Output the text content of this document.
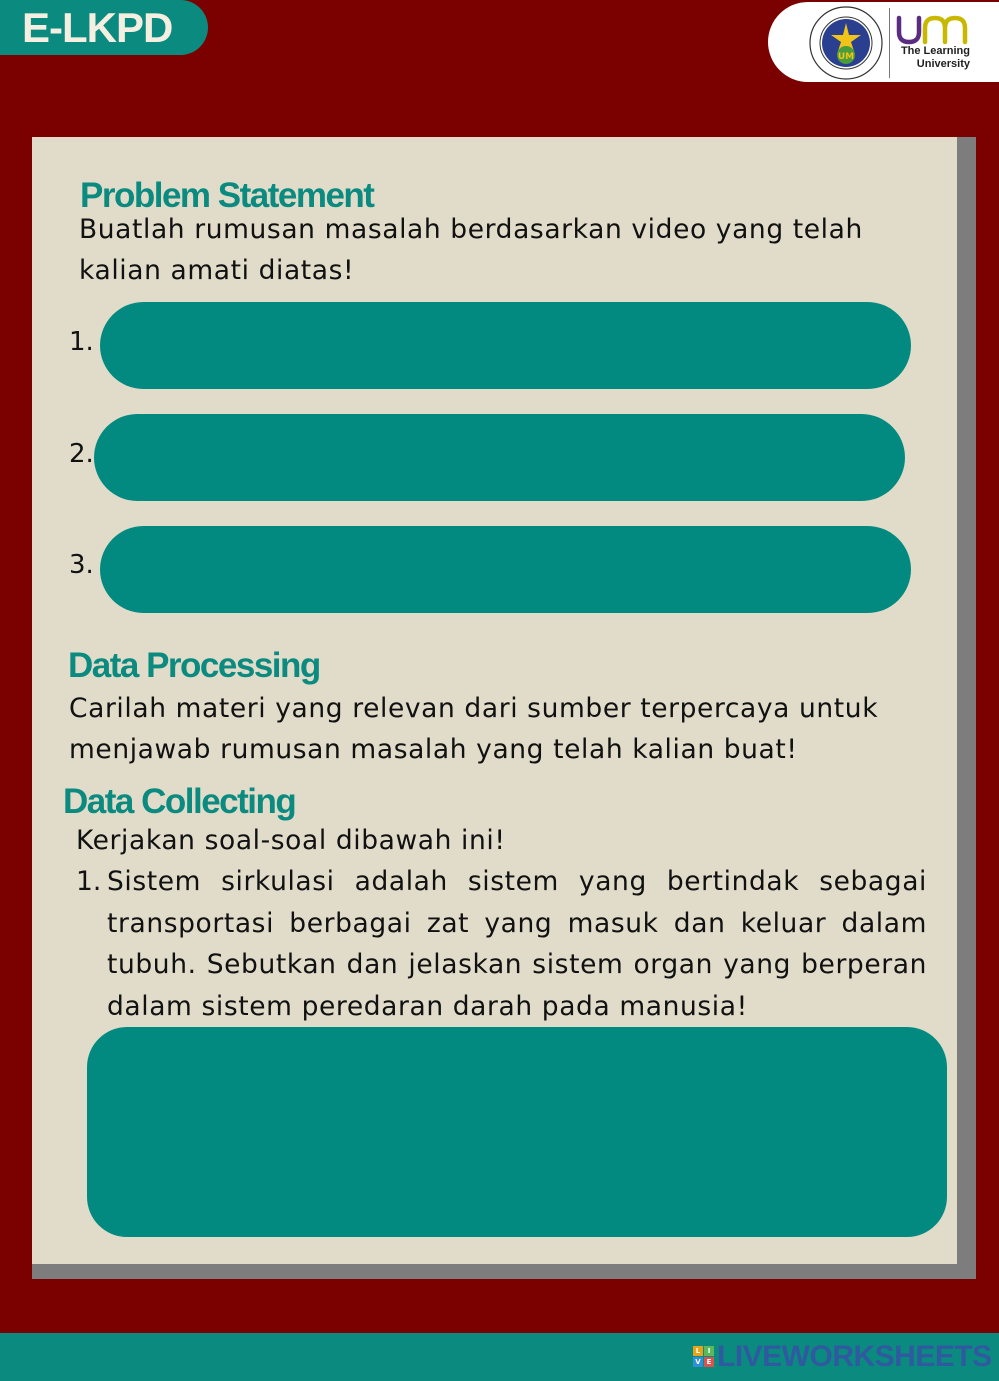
E-LKPD
UM	The Learning University
Problem Statement
Buatlah rumusan masalah berdasarkan video yang telah kalian amati diatas!
1.
2.
3.
Data Processing
Carilah materi yang relevan dari sumber terpercaya untuk menjawab rumusan masalah yang telah kalian buat!
Data Collecting
Kerjakan soal-soal dibawah ini!
1. Sistem sirkulasi adalah sistem yang bertindak sebagai transportasi berbagai zat yang masuk dan keluar dalam tubuh. Sebutkan dan jelaskan sistem organ yang berperan dalam sistem peredaran darah pada manusia!
L	I
V E LIVEWORKSHEETS
